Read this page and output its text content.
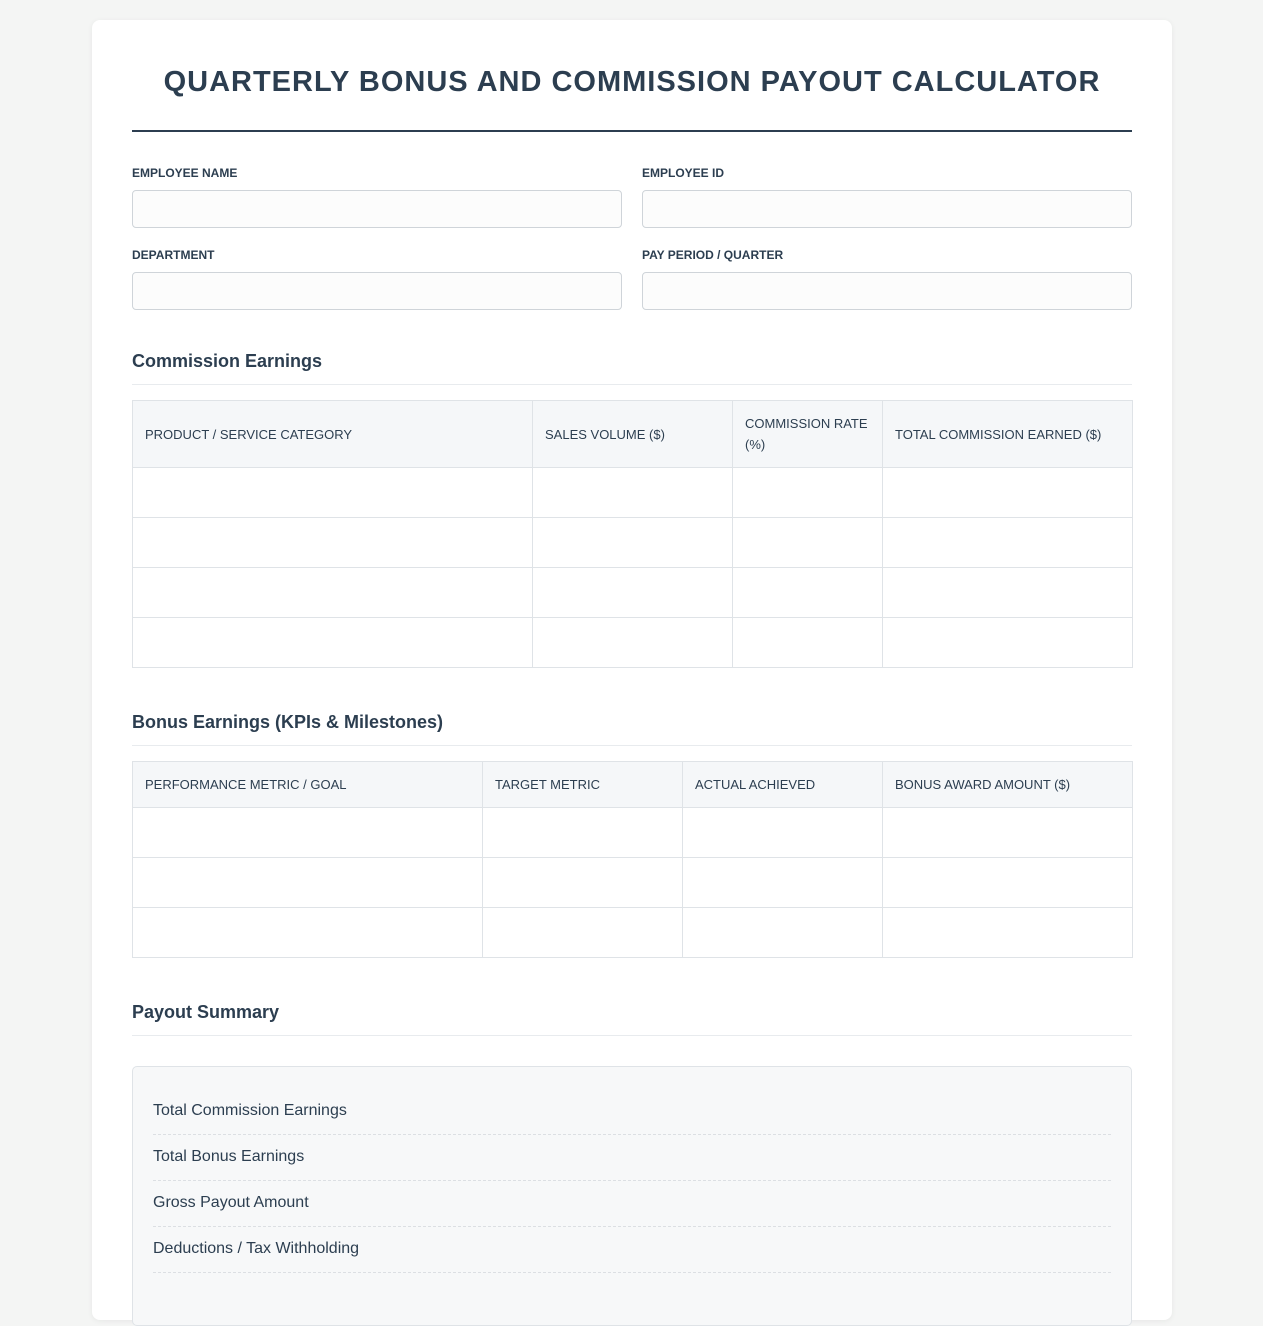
QUARTERLY BONUS AND COMMISSION PAYOUT CALCULATOR
EMPLOYEE NAME	EMPLOYEE ID
DEPARTMENT	PAY PERIOD / QUARTER
Commission Earnings
PRODUCT / SERVICE CATEGORY	SALES VOLUME ($)	COMMISSION RATE (%)	TOTAL COMMISSION EARNED ($)

Bonus Earnings (KPIs & Milestones)
PERFORMANCE METRIC / GOAL	TARGET METRIC	ACTUAL ACHIEVED	BONUS AWARD AMOUNT ($)

Payout Summary
Total Commission Earnings
Total Bonus Earnings
Gross Payout Amount
Deductions / Tax Withholding
